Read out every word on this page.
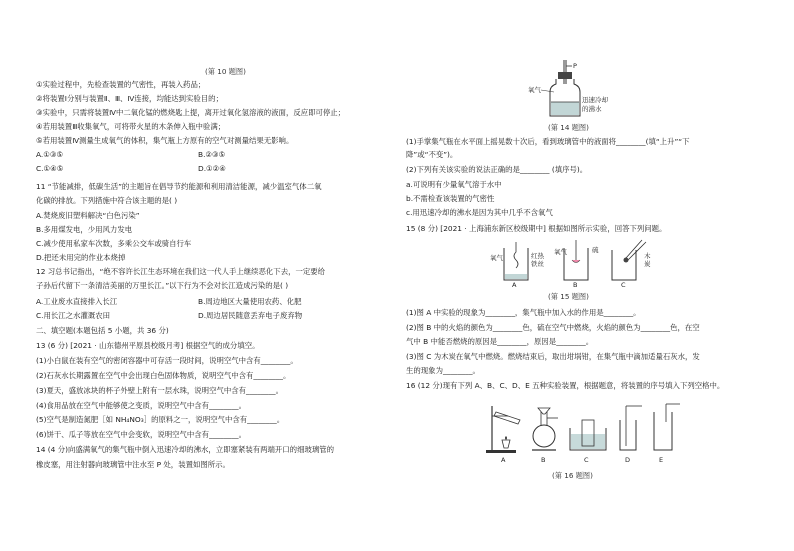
(第 10 题图)
①实验过程中，先检查装置的气密性，再装入药品；
②将装置Ⅰ分别与装置Ⅱ、Ⅲ、Ⅳ连接，均能达到实验目的；
③实验中，只需将装置Ⅳ中二氧化锰的燃烧匙上提，离开过氧化氢溶液的液面，反应即可停止；
④若用装置Ⅲ收集氧气，可将带火星的木条伸入瓶中验满；
⑤若用装置Ⅳ测量生成氧气的体积，集气瓶上方原有的空气对测量结果无影响。
A.①③⑤	B.②③⑤
C.①④⑤	D.①②④
11 “节能减排，低碳生活”的主题旨在倡导节约能源和利用清洁能源，减少温室气体二氧
化碳的排放。下列措施中符合该主题的是( )
A.焚烧废旧塑料解决“白色污染”
B.多用煤发电，少用风力发电
C.减少使用私家车次数，多乘公交车或骑自行车
D.把还未用完的作业本烧掉
12 习总书记指出，“绝不容许长江生态环境在我们这一代人手上继续恶化下去，一定要给
子孙后代留下一条清洁美丽的万里长江。”以下行为不会对长江造成污染的是( )
A.工业废水直接排入长江	B.周边地区大量使用农药、化肥
C.用长江之水灌溉农田	D.周边居民随意丢弃电子废弃物
二、填空题(本题包括 5 小题，共 36 分)
13 (6 分) [2021 · 山东德州平原县校级月考] 根据空气的成分填空。
(1)小白鼠在装有空气的密闭容器中可存活一段时间，说明空气中含有________。
(2)石灰水长期露置在空气中会出现白色固体物质，说明空气中含有________。
(3)夏天，盛放冰块的杯子外壁上附有一层水珠，说明空气中含有________。
(4)食用品放在空气中能够使之变质，说明空气中含有________。
(5)空气是制造氮肥［如 NH₄NO₃］的原料之一，说明空气中含有________。
(6)饼干、瓜子等放在空气中会变软，说明空气中含有________。
14 (4 分)向盛满氧气的集气瓶中倒入迅速冷却的沸水，立即塞紧装有两端开口的细玻璃管的
橡皮塞，用注射器向玻璃管中注水至 P 处，装置如图所示。
P
氧气
迅速冷却
的沸水
(第 14 题图)
(1)手掌集气瓶在水平面上摇晃数十次后，看到玻璃管中的液面将________(填“上升”“下
降”或“不变”)。
(2)下列有关该实验的说法正确的是________ (填序号)。
a.可说明有少量氧气溶于水中
b.不需检查该装置的气密性
c.用迅速冷却的沸水是因为其中几乎不含氧气
15 (8 分) [2021 · 上海浦东新区校级期中] 根据如图所示实验，回答下列问题。
氧气	红热
铁丝
A
硫
氧气
B
木
炭
C
(第 15 题图)
(1)图 A 中实验的现象为________，集气瓶中加入水的作用是________。
(2)图 B 中的火焰的颜色为________色，硫在空气中燃烧，火焰的颜色为________色，在空
气中 B 中能否燃烧的原因是________，原因是________。
(3)图 C 为木炭在氧气中燃烧。燃烧结束后，取出坩埚钳，在集气瓶中滴加适量石灰水，发
生的现象为________。
16 (12 分)现有下列 A、B、C、D、E 五种实验装置，根据题意，将装置的序号填入下列空格中。
A	B	C	D	E
(第 16 题图)
